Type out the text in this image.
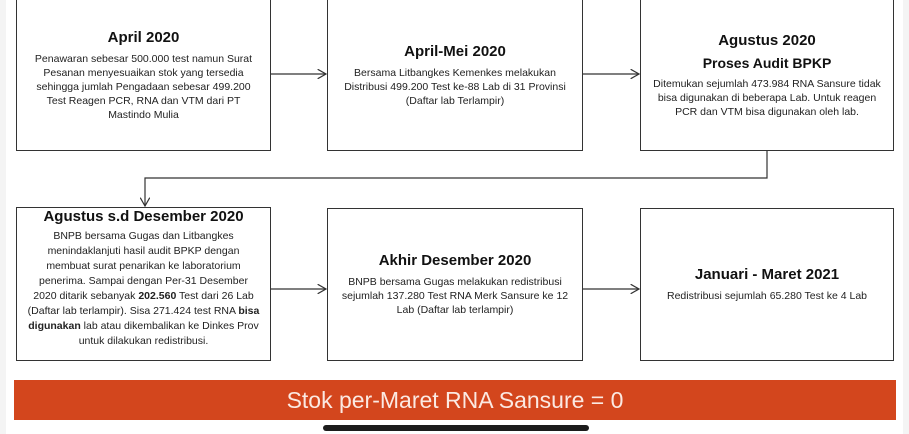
April 2020
Penawaran sebesar 500.000 test namun Surat Pesanan menyesuaikan stok yang tersedia sehingga jumlah Pengadaan sebesar 499.200 Test Reagen PCR, RNA dan VTM dari PT Mastindo Mulia
April-Mei 2020
Bersama Litbangkes Kemenkes melakukan Distribusi 499.200 Test ke-88 Lab di 31 Provinsi (Daftar lab Terlampir)
Agustus 2020
Proses Audit BPKP
Ditemukan sejumlah 473.984 RNA Sansure tidak bisa digunakan di beberapa Lab. Untuk reagen PCR dan VTM bisa digunakan oleh lab.
Agustus s.d Desember 2020
BNPB bersama Gugas dan Litbangkes menindaklanjuti hasil audit BPKP dengan membuat surat penarikan ke laboratorium penerima. Sampai dengan Per-31 Desember 2020 ditarik sebanyak 202.560 Test dari 26 Lab (Daftar lab terlampir). Sisa 271.424 test RNA bisa digunakan lab atau dikembalikan ke Dinkes Prov untuk dilakukan redistribusi.
Akhir Desember 2020
BNPB bersama Gugas melakukan redistribusi sejumlah 137.280 Test RNA Merk Sansure ke 12 Lab (Daftar lab terlampir)
Januari - Maret 2021
Redistribusi sejumlah 65.280 Test ke 4 Lab
Stok per-Maret RNA Sansure = 0
